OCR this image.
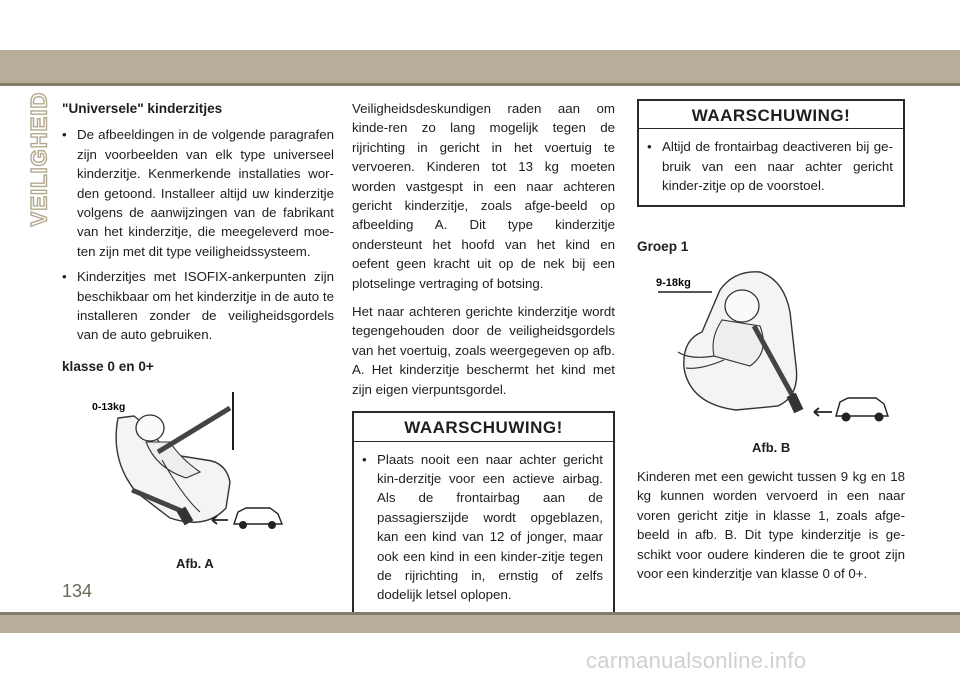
VEILIGHEID "Universele" kinderzitjes
• De afbeeldingen in de volgende paragrafen zijn voorbeelden van elk type universeel kinderzitje. Kenmerkende installaties wor-den getoond. Installeer altijd uw kinderzitje volgens de aanwijzingen van de fabrikant van het kinderzitje, die meegeleverd moe-ten zijn met dit type veiligheidssysteem.
• Kinderzitjes met ISOFIX-ankerpunten zijn beschikbaar om het kinderzitje in de auto te installeren zonder de veiligheidsgordels van de auto gebruiken.
klasse 0 en 0+
0-13kg
Afb. A

Veiligheidsdeskundigen raden aan om kinde-ren zo lang mogelijk tegen de rijrichting in gericht in het voertuig te vervoeren. Kinderen tot 13 kg moeten worden vastgespt in een naar achteren gericht kinderzitje, zoals afge-beeld op afbeelding A. Dit type kinderzitje ondersteunt het hoofd van het kind en oefent geen kracht uit op de nek bij een plotselinge vertraging of botsing.

Het naar achteren gerichte kinderzitje wordt tegengehouden door de veiligheidsgordels van het voertuig, zoals weergegeven op afb. A. Het kinderzitje beschermt het kind met zijn eigen vierpuntsgordel.

WAARSCHUWING!
• Plaats nooit een naar achter gericht kin-derzitje voor een actieve airbag. Als de frontairbag aan de passagierszijde wordt opgeblazen, kan een kind van 12 of jonger, maar ook een kind in een kinder-zitje tegen de rijrichting in, ernstig of zelfs dodelijk letsel oplopen.
WAARSCHUWING!
• Altijd de frontairbag deactiveren bij ge-bruik van een naar achter gericht kinder-zitje op de voorstoel.
Groep 1
9-18kg
Afb. B

Kinderen met een gewicht tussen 9 kg en 18 kg kunnen worden vervoerd in een naar voren gericht zitje in klasse 1, zoals afge-beeld in afb. B. Dit type kinderzitje is ge-schikt voor oudere kinderen die te groot zijn voor een kinderzitje van klasse 0 of 0+.

134
carmanualsonline.info
